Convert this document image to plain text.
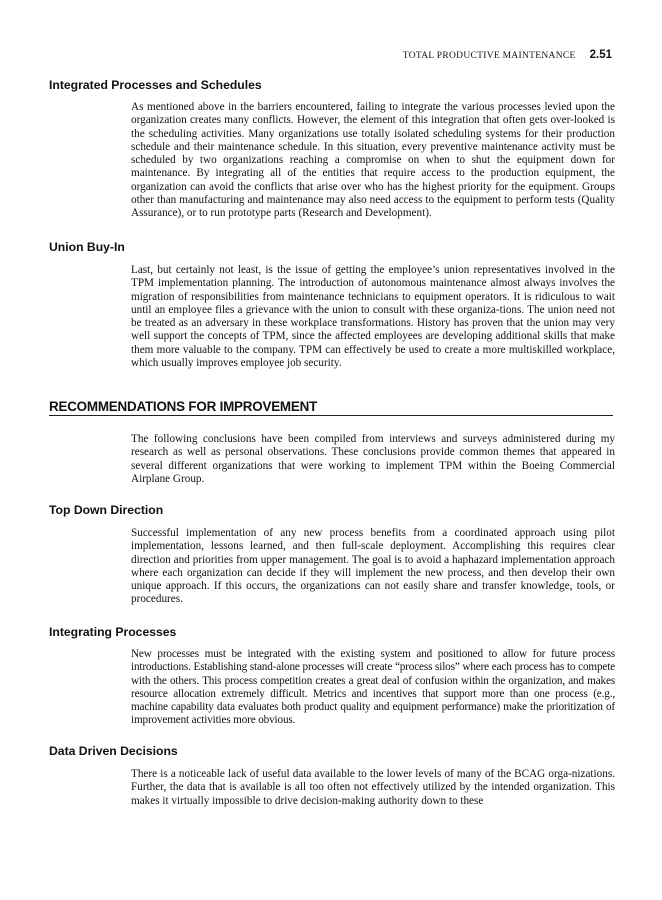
TOTAL PRODUCTIVE MAINTENANCE 2.51
Integrated Processes and Schedules

As mentioned above in the barriers encountered, failing to integrate the various processes levied upon the organization creates many conflicts. However, the element of this integration that often gets over-looked is the scheduling activities. Many organizations use totally isolated scheduling systems for their production schedule and their maintenance schedule. In this situation, every preventive maintenance activity must be scheduled by two organizations reaching a compromise on when to shut the equipment down for maintenance. By integrating all of the entities that require access to the production equipment, the organization can avoid the conflicts that arise over who has the highest priority for the equipment. Groups other than manufacturing and maintenance may also need access to the equipment to perform tests (Quality Assurance), or to run prototype parts (Research and Development).

Union Buy-In

Last, but certainly not least, is the issue of getting the employee’s union representatives involved in the TPM implementation planning. The introduction of autonomous maintenance almost always involves the migration of responsibilities from maintenance technicians to equipment operators. It is ridiculous to wait until an employee files a grievance with the union to consult with these organiza-tions. The union need not be treated as an adversary in these workplace transformations. History has proven that the union may very well support the concepts of TPM, since the affected employees are developing additional skills that make them more valuable to the company. TPM can effectively be used to create a more multiskilled workplace, which usually improves employee job security.

RECOMMENDATIONS FOR IMPROVEMENT

The following conclusions have been compiled from interviews and surveys administered during my research as well as personal observations. These conclusions provide common themes that appeared in several different organizations that were working to implement TPM within the Boeing Commercial Airplane Group.

Top Down Direction

Successful implementation of any new process benefits from a coordinated approach using pilot implementation, lessons learned, and then full-scale deployment. Accomplishing this requires clear direction and priorities from upper management. The goal is to avoid a haphazard implementation approach where each organization can decide if they will implement the new process, and then develop their own unique approach. If this occurs, the organizations can not easily share and transfer knowledge, tools, or procedures.

Integrating Processes

New processes must be integrated with the existing system and positioned to allow for future process introductions. Establishing stand-alone processes will create “process silos” where each process has to compete with the others. This process competition creates a great deal of confusion within the organization, and makes resource allocation extremely difficult. Metrics and incentives that support more than one process (e.g., machine capability data evaluates both product quality and equipment performance) make the prioritization of improvement activities more obvious.

Data Driven Decisions

There is a noticeable lack of useful data available to the lower levels of many of the BCAG orga-nizations. Further, the data that is available is all too often not effectively utilized by the intended organization. This makes it virtually impossible to drive decision-making authority down to these
